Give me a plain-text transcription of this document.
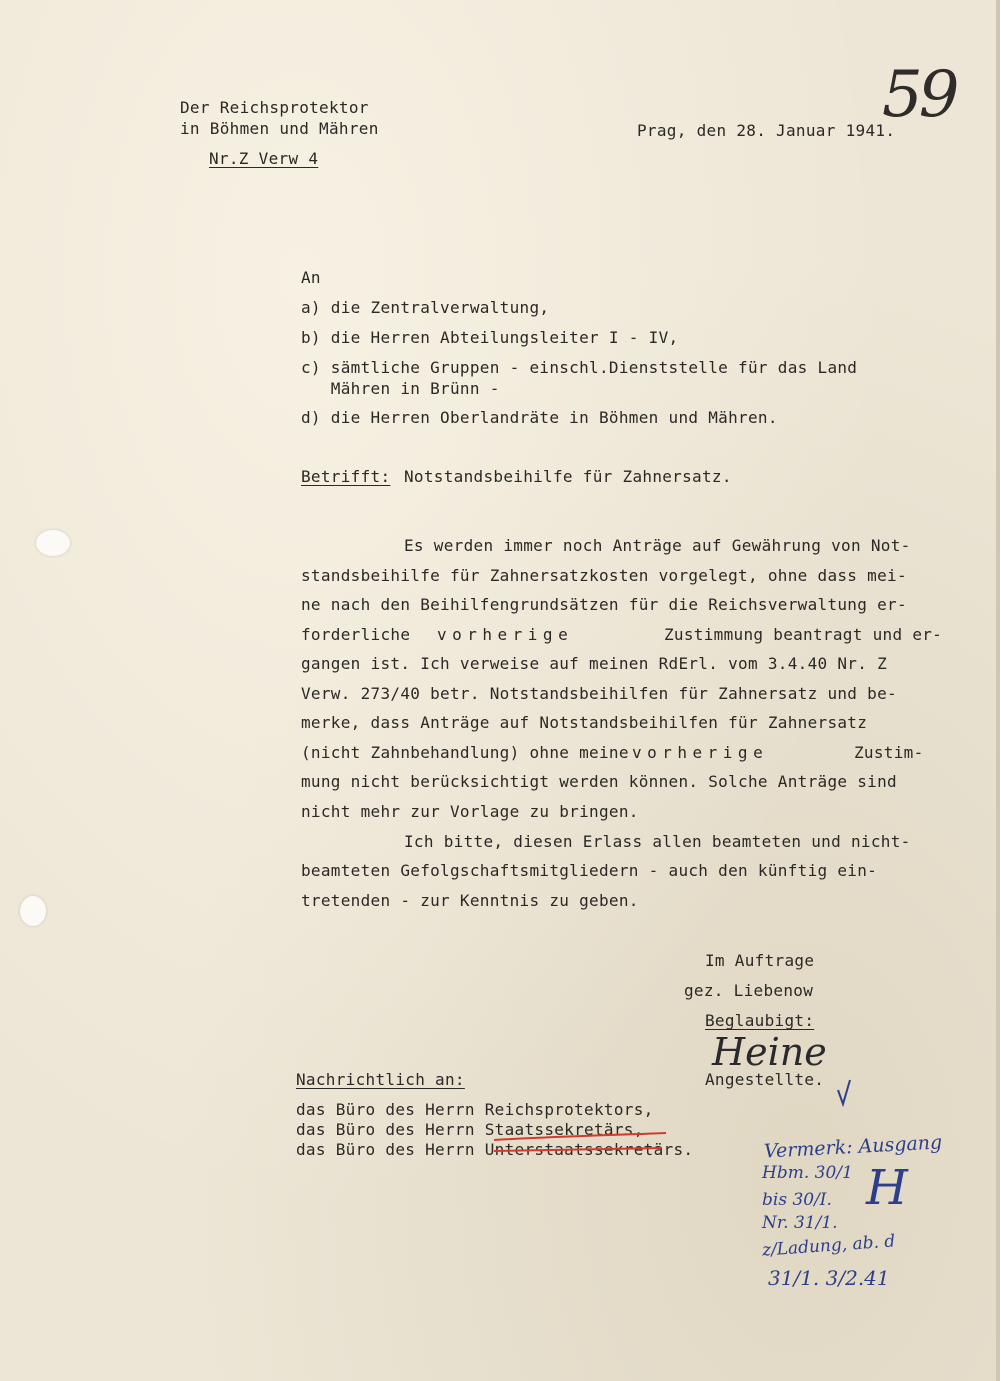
Der Reichsprotektor
in Böhmen und Mähren
Nr.Z Verw 4
Prag, den 28. Januar 1941.
59
An
a) die Zentralverwaltung,
b) die Herren Abteilungsleiter I - IV,
c) sämtliche Gruppen - einschl.Dienststelle für das Land
Mähren in Brünn -
d) die Herren Oberlandräte in Böhmen und Mähren.
Betrifft: Notstandsbeihilfe für Zahnersatz.
Es werden immer noch Anträge auf Gewährung von Not-
standsbeihilfe für Zahnersatzkosten vorgelegt, ohne dass mei-
ne nach den Beihilfengrundsätzen für die Reichsverwaltung er-
forderliche vorherige	Zustimmung beantragt und er-
gangen ist. Ich verweise auf meinen RdErl. vom 3.4.40 Nr. Z
Verw. 273/40 betr. Notstandsbeihilfen für Zahnersatz und be-
merke, dass Anträge auf Notstandsbeihilfen für Zahnersatz
(nicht Zahnbehandlung) ohne meine vorherige	Zustim-
mung nicht berücksichtigt werden können. Solche Anträge sind
nicht mehr zur Vorlage zu bringen.
Ich bitte, diesen Erlass allen beamteten und nicht-
beamteten Gefolgschaftsmitgliedern - auch den künftig ein-
tretenden - zur Kenntnis zu geben.
Im Auftrage
gez. Liebenow
Beglaubigt:
Heine
Angestellte.
Nachrichtlich an:
das Büro des Herrn Reichsprotektors,
das Büro des Herrn Staatssekretärs,
das Büro des Herrn Unterstaatssekretärs.
H
Vermerk: Ausgang
Hbm. 30/1
bis 30/I.
Nr. 31/1.
z/Ladung, ab. d
31/1. 3/2.41
